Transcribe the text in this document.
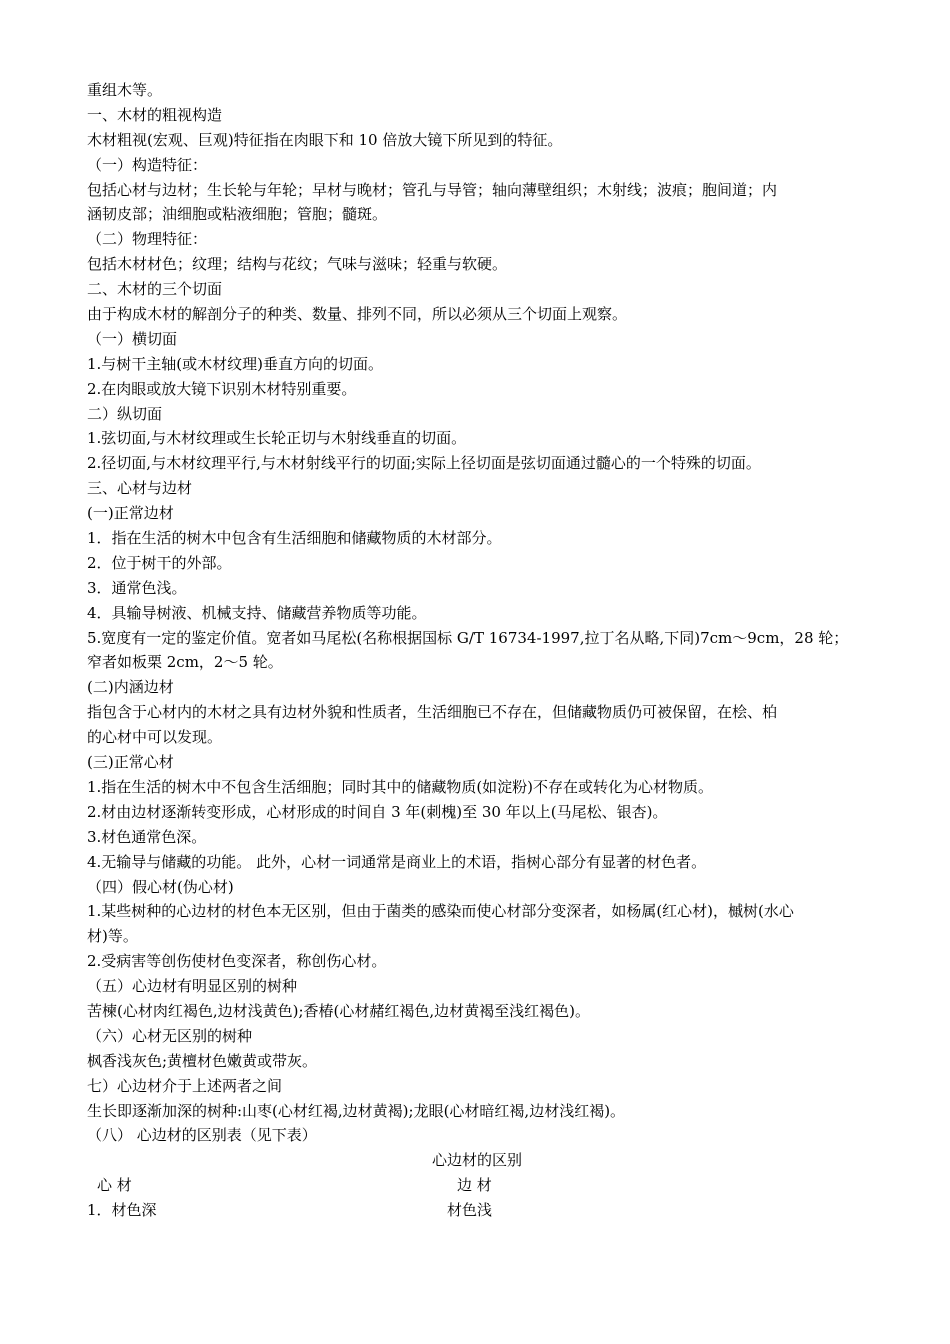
重组木等。
一、木材的粗视构造
木材粗视(宏观、巨观)特征指在肉眼下和 10 倍放大镜下所见到的特征。
（一）构造特征：
包括心材与边材；生长轮与年轮；早材与晚材；管孔与导管；轴向薄壁组织；木射线；波痕；胞间道；内
涵韧皮部；油细胞或粘液细胞；管胞；髓斑。
（二）物理特征：
包括木材材色；纹理；结构与花纹；气味与滋味；轻重与软硬。
二、木材的三个切面
由于构成木材的解剖分子的种类、数量、排列不同，所以必须从三个切面上观察。
（一）横切面
1.与树干主轴(或木材纹理)垂直方向的切面。
2.在肉眼或放大镜下识别木材特别重要。
二）纵切面
1.弦切面,与木材纹理或生长轮正切与木射线垂直的切面。
2.径切面,与木材纹理平行,与木材射线平行的切面;实际上径切面是弦切面通过髓心的一个特殊的切面。
三、心材与边材
(一)正常边材
1．指在生活的树木中包含有生活细胞和储藏物质的木材部分。
2．位于树干的外部。
3．通常色浅。
4．具输导树液、机械支持、储藏营养物质等功能。
5.宽度有一定的鉴定价值。宽者如马尾松(名称根据国标 G/T 16734-1997,拉丁名从略,下同)7cm～9cm，28 轮；
窄者如板栗 2cm，2～5 轮。
(二)内涵边材
指包含于心材内的木材之具有边材外貌和性质者，生活细胞已不存在，但储藏物质仍可被保留，在桧、柏
的心材中可以发现。
(三)正常心材
1.指在生活的树木中不包含生活细胞；同时其中的储藏物质(如淀粉)不存在或转化为心材物质。
2.材由边材逐渐转变形成，心材形成的时间自 3 年(刺槐)至 30 年以上(马尾松、银杏)。
3.材色通常色深。
4.无输导与储藏的功能。 此外，心材一词通常是商业上的术语，指树心部分有显著的材色者。
（四）假心材(伪心材)
1.某些树种的心边材的材色本无区别，但由于菌类的感染而使心材部分变深者，如杨属(红心材)，槭树(水心
材)等。
2.受病害等创伤使材色变深者，称创伤心材。
（五）心边材有明显区别的树种
苦楝(心材肉红褐色,边材浅黄色);香椿(心材赭红褐色,边材黄褐至浅红褐色)。
（六）心材无区别的树种
枫香浅灰色;黄檀材色嫩黄或带灰。
七）心边材介于上述两者之间
生长即逐渐加深的树种:山枣(心材红褐,边材黄褐);龙眼(心材暗红褐,边材浅红褐)。
（八） 心边材的区别表（见下表）
心边材的区别
心 材	边 材
1．材色深	材色浅
